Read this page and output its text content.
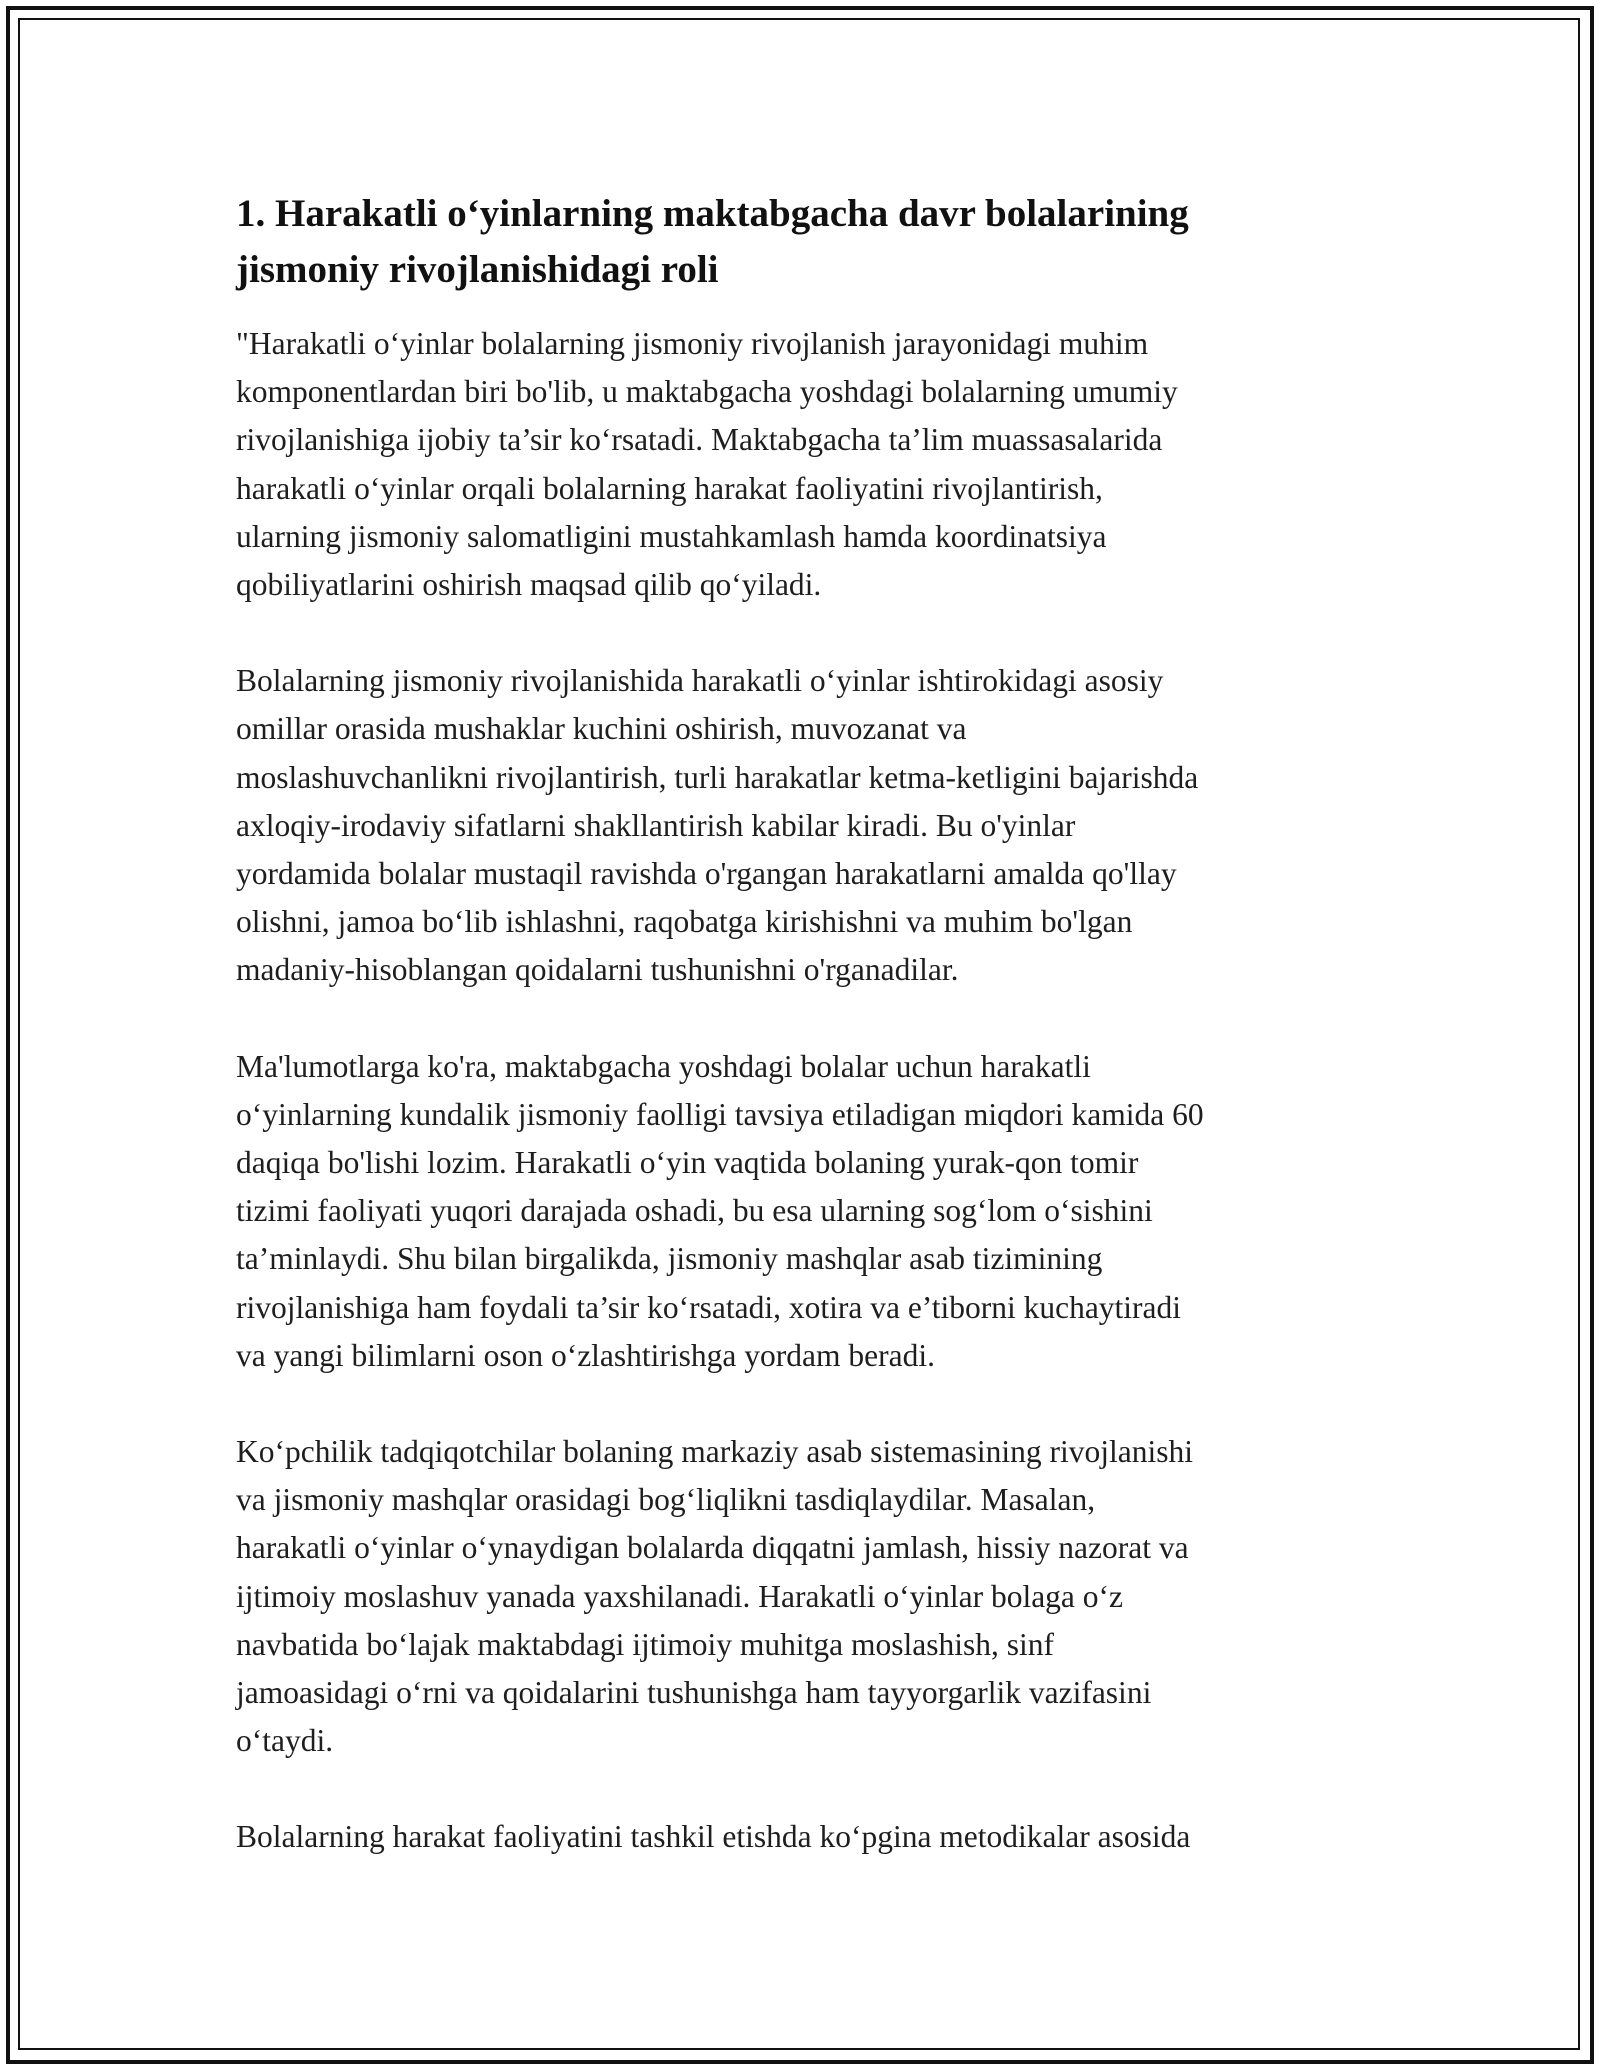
1. Harakatli o‘yinlarning maktabgacha davr bolalarining
jismoniy rivojlanishidagi roli

"Harakatli o‘yinlar bolalarning jismoniy rivojlanish jarayonidagi muhim
komponentlardan biri bo'lib, u maktabgacha yoshdagi bolalarning umumiy
rivojlanishiga ijobiy ta’sir ko‘rsatadi. Maktabgacha ta’lim muassasalarida
harakatli o‘yinlar orqali bolalarning harakat faoliyatini rivojlantirish,
ularning jismoniy salomatligini mustahkamlash hamda koordinatsiya
qobiliyatlarini oshirish maqsad qilib qo‘yiladi.

Bolalarning jismoniy rivojlanishida harakatli o‘yinlar ishtirokidagi asosiy
omillar orasida mushaklar kuchini oshirish, muvozanat va
moslashuvchanlikni rivojlantirish, turli harakatlar ketma-ketligini bajarishda
axloqiy-irodaviy sifatlarni shakllantirish kabilar kiradi. Bu o'yinlar
yordamida bolalar mustaqil ravishda o'rgangan harakatlarni amalda qo'llay
olishni, jamoa bo‘lib ishlashni, raqobatga kirishishni va muhim bo'lgan
madaniy-hisoblangan qoidalarni tushunishni o'rganadilar.

Ma'lumotlarga ko'ra, maktabgacha yoshdagi bolalar uchun harakatli
o‘yinlarning kundalik jismoniy faolligi tavsiya etiladigan miqdori kamida 60
daqiqa bo'lishi lozim. Harakatli o‘yin vaqtida bolaning yurak-qon tomir
tizimi faoliyati yuqori darajada oshadi, bu esa ularning sog‘lom o‘sishini
ta’minlaydi. Shu bilan birgalikda, jismoniy mashqlar asab tizimining
rivojlanishiga ham foydali ta’sir ko‘rsatadi, xotira va e’tiborni kuchaytiradi
va yangi bilimlarni oson o‘zlashtirishga yordam beradi.

Ko‘pchilik tadqiqotchilar bolaning markaziy asab sistemasining rivojlanishi
va jismoniy mashqlar orasidagi bog‘liqlikni tasdiqlaydilar. Masalan,
harakatli o‘yinlar o‘ynaydigan bolalarda diqqatni jamlash, hissiy nazorat va
ijtimoiy moslashuv yanada yaxshilanadi. Harakatli o‘yinlar bolaga o‘z
navbatida bo‘lajak maktabdagi ijtimoiy muhitga moslashish, sinf
jamoasidagi o‘rni va qoidalarini tushunishga ham tayyorgarlik vazifasini
o‘taydi.

Bolalarning harakat faoliyatini tashkil etishda ko‘pgina metodikalar asosida
